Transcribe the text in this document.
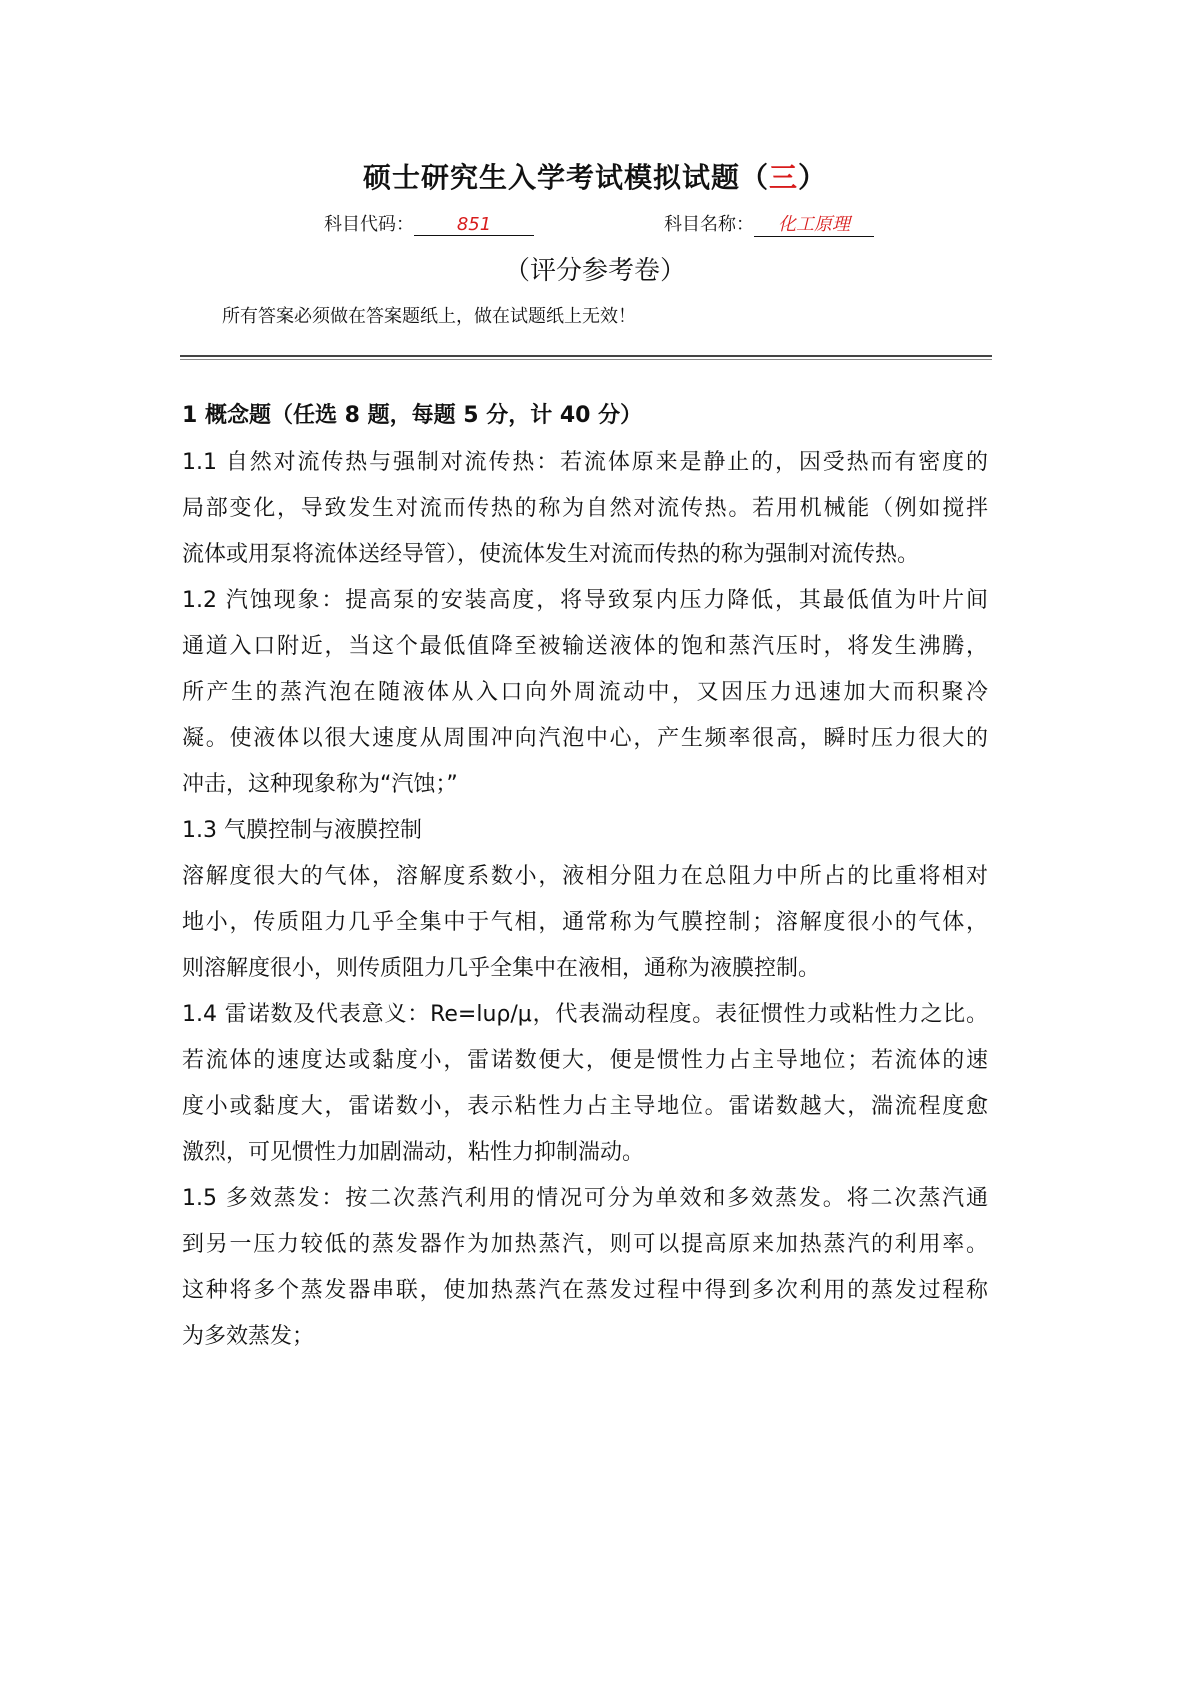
硕士研究生入学考试模拟试题（三）
科目代码： 851	科目名称： 化工原理
（评分参考卷）
所有答案必须做在答案题纸上，做在试题纸上无效！
1 概念题（任选 8 题，每题 5 分，计 40 分）
1.1 自然对流传热与强制对流传热：若流体原来是静止的，因受热而有密度的
局部变化，导致发生对流而传热的称为自然对流传热。若用机械能（例如搅拌
流体或用泵将流体送经导管），使流体发生对流而传热的称为强制对流传热。
1.2 汽蚀现象：提高泵的安装高度，将导致泵内压力降低，其最低值为叶片间
通道入口附近，当这个最低值降至被输送液体的饱和蒸汽压时，将发生沸腾，
所产生的蒸汽泡在随液体从入口向外周流动中，又因压力迅速加大而积聚冷
凝。使液体以很大速度从周围冲向汽泡中心，产生频率很高，瞬时压力很大的
冲击，这种现象称为“汽蚀；”
1.3 气膜控制与液膜控制
溶解度很大的气体，溶解度系数小，液相分阻力在总阻力中所占的比重将相对
地小，传质阻力几乎全集中于气相，通常称为气膜控制；溶解度很小的气体，
则溶解度很小，则传质阻力几乎全集中在液相，通称为液膜控制。
1.4 雷诺数及代表意义：Re=luρ/μ，代表湍动程度。表征惯性力或粘性力之比。
若流体的速度达或黏度小，雷诺数便大，便是惯性力占主导地位；若流体的速
度小或黏度大，雷诺数小，表示粘性力占主导地位。雷诺数越大，湍流程度愈
激烈，可见惯性力加剧湍动，粘性力抑制湍动。
1.5 多效蒸发：按二次蒸汽利用的情况可分为单效和多效蒸发。将二次蒸汽通
到另一压力较低的蒸发器作为加热蒸汽，则可以提高原来加热蒸汽的利用率。
这种将多个蒸发器串联，使加热蒸汽在蒸发过程中得到多次利用的蒸发过程称
为多效蒸发；
